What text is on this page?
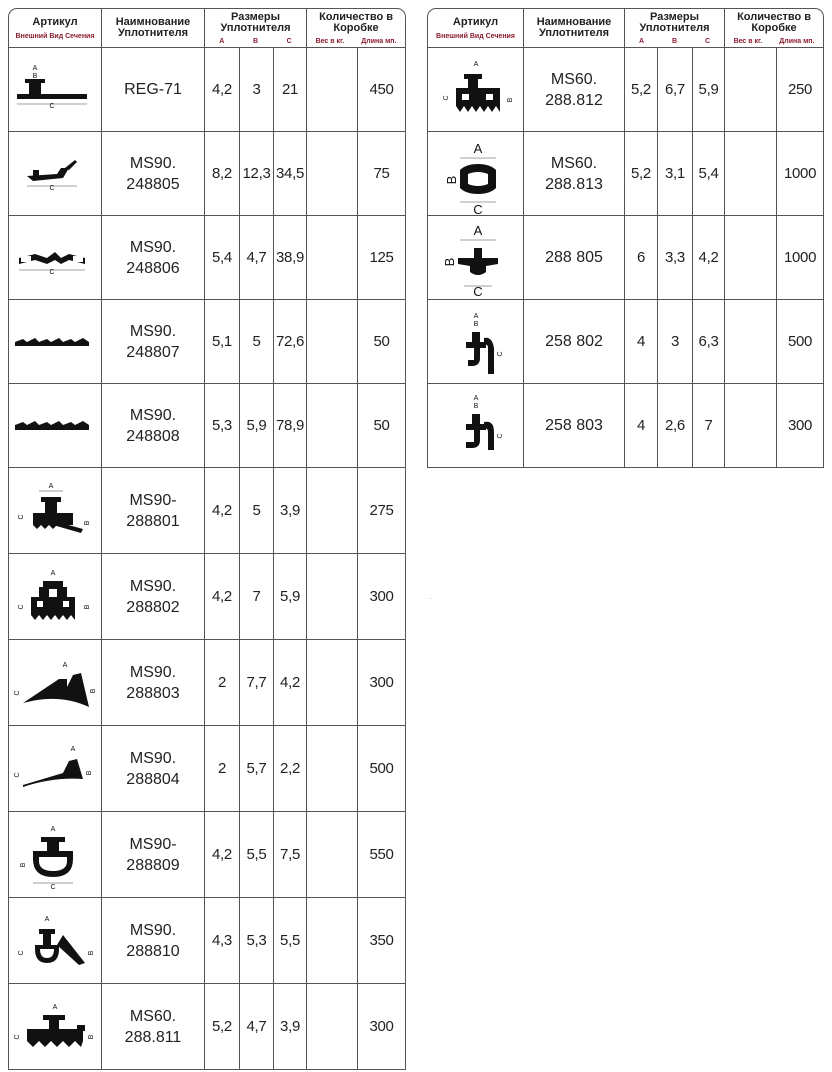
Артикул
Внешний Вид Сечения	Наимнование Уплотнителя	Размеры Уплотнителя
A B C			Количество в Коробке
Вес в кг. Длина мп.	

C
A
B	REG-71	4,2	3	21		450

C	MS90.
248805	8,2	12,3	34,5		75

C	MS90.
248806	5,4	4,7	38,9		125

	MS90.
248807	5,1	5	72,6		50

	MS90.
248808	5,3	5,9	78,9		50

A
C
B	MS90-
288801	4,2	5	3,9		275

A
C B	MS90.
288802	4,2	7	5,9		300

A
C B	MS90.
288803	2	7,7	4,2		300

A
C B	MS90.
288804	2	5,7	2,2		500

C
B
A	MS90-
288809	4,2	5,5	7,5		550

A
C B	MS90.
288810	4,3	5,3	5,5		350

A
C B	MS60.
288.811	5,2	4,7	3,9		300
Артикул
Внешний Вид Сечения	Наимнование Уплотнителя	Размеры Уплотнителя
A B C			Количество в Коробке
Вес в кг. Длина мп.	

A
C B	MS60.
288.812	5,2	6,7	5,9		250

A
C
B	MS60.
288.813	5,2	3,1	5,4		1000

A
C
B	288 805	6	3,3	4,2		1000

A
B
C	258 802	4	3	6,3		500

A
B
C	258 803	4	2,6	7		300
